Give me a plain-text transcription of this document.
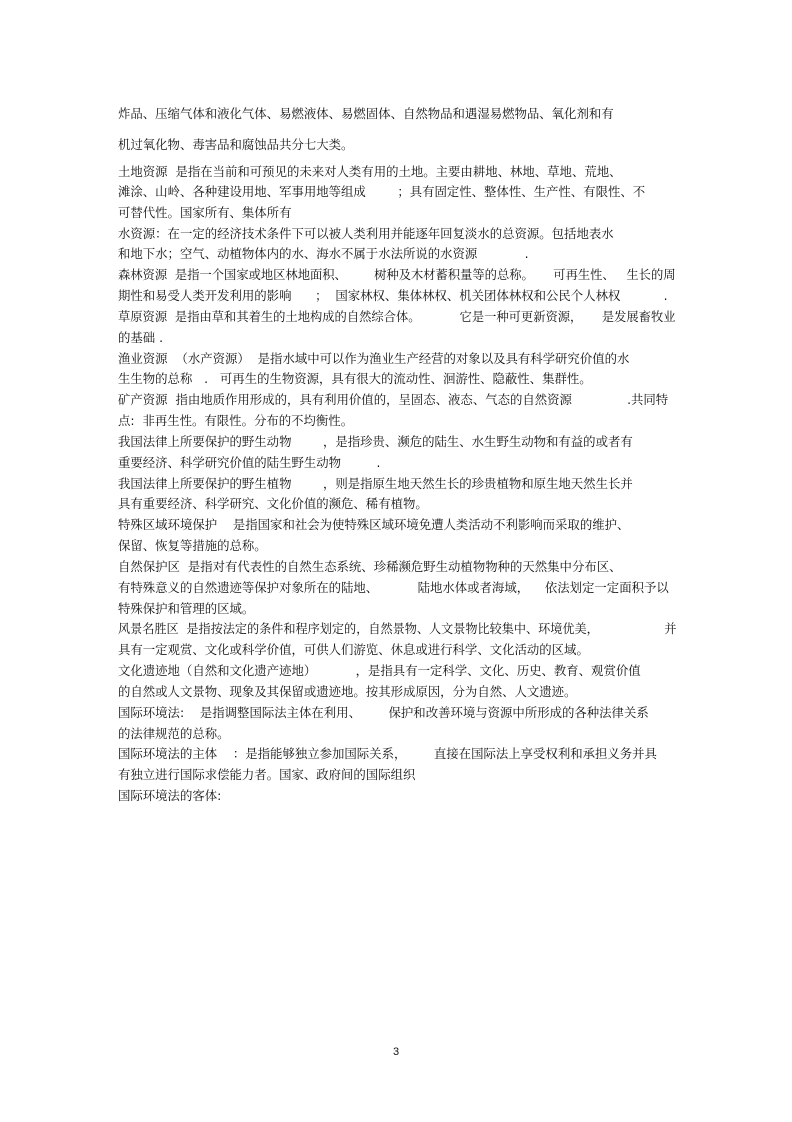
炸品、压缩气体和液化气体、易燃液体、易燃固体、自然物品和遇湿易燃物品、氧化剂和有
机过氧化物、毒害品和腐蚀品共分七大类。
土地资源  是指在当前和可预见的未来对人类有用的土地。主要由耕地、林地、草地、荒地、
滩涂、山岭、各种建设用地、军事用地等组成        ；具有固定性、整体性、生产性、有限性、不
可替代性。国家所有、集体所有
水资源：在一定的经济技术条件下可以被人类利用并能逐年回复淡水的总资源。包括地表水
和地下水；空气、动植物体内的水、海水不属于水法所说的水资源            .
森林资源  是指一个国家或地区林地面积、       树种及木材蓄积量等的总称。     可再生性、   生长的周
期性和易受人类开发利用的影响      ；  国家林权、集体林权、机关团体林权和公民个人林权           .
草原资源  是指由草和其着生的土地构成的自然综合体。          它是一种可更新资源，     是发展畜牧业
的基础 .
渔业资源  （水产资源）  是指水域中可以作为渔业生产经营的对象以及具有科学研究价值的水
生生物的总称   .   可再生的生物资源，具有很大的流动性、洄游性、隐蔽性、集群性。
矿产资源  指由地质作用形成的，具有利用价值的，呈固态、液态、气态的自然资源              .共同特
点:  非再生性。有限性。分布的不均衡性。
我国法律上所要保护的野生动物        ，是指珍贵、濒危的陆生、水生野生动物和有益的或者有
重要经济、科学研究价值的陆生野生动物         .
我国法律上所要保护的野生植物        ，则是指原生地天然生长的珍贵植物和原生地天然生长并
具有重要经济、科学研究、文化价值的濒危、稀有植物。
特殊区域环境保护    是指国家和社会为使特殊区域环境免遭人类活动不利影响而采取的维护、
保留、恢复等措施的总称。
自然保护区  是指对有代表性的自然生态系统、珍稀濒危野生动植物物种的天然集中分布区、
有特殊意义的自然遗迹等保护对象所在的陆地、          陆地水体或者海域，    依法划定一定面积予以
特殊保护和管理的区域。
风景名胜区  是指按法定的条件和程序划定的，自然景物、人文景物比较集中、环境优美，                 并
具有一定观赏、文化或科学价值，可供人们游览、休息或进行科学、文化活动的区域。
文化遗迹地（自然和文化遗产迹地）          ，是指具有一定科学、文化、历史、教育、观赏价值
的自然或人文景物、现象及其保留或遗迹地。按其形成原因，分为自然、人文遗迹。
国际环境法:    是指调整国际法主体在利用、       保护和改善环境与资源中所形成的各种法律关系
的法律规范的总称。
国际环境法的主体    ：是指能够独立参加国际关系，       直接在国际法上享受权利和承担义务并具
有独立进行国际求偿能力者。国家、政府间的国际组织
国际环境法的客体:
3
